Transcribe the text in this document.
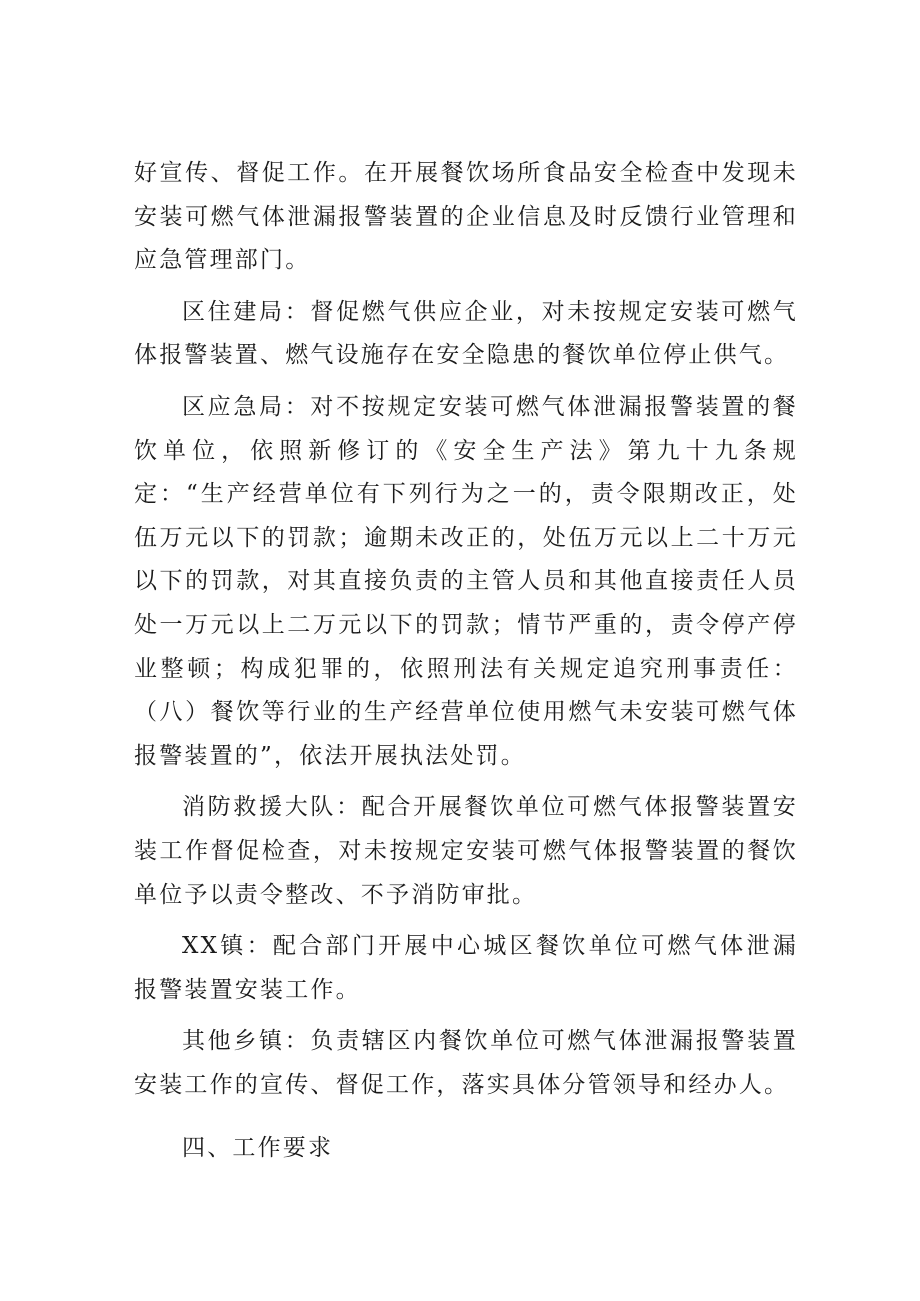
好宣传、督促工作。在开展餐饮场所食品安全检查中发现未安装可燃气体泄漏报警装置的企业信息及时反馈行业管理和应急管理部门。

区住建局：督促燃气供应企业，对未按规定安装可燃气体报警装置、燃气设施存在安全隐患的餐饮单位停止供气。

区应急局：对不按规定安装可燃气体泄漏报警装置的餐饮单位，依照新修订的《安全生产法》第九十九条规定：“生产经营单位有下列行为之一的，责令限期改正，处伍万元以下的罚款；逾期未改正的，处伍万元以上二十万元以下的罚款，对其直接负责的主管人员和其他直接责任人员处一万元以上二万元以下的罚款；情节严重的，责令停产停业整顿；构成犯罪的，依照刑法有关规定追究刑事责任：（八）餐饮等行业的生产经营单位使用燃气未安装可燃气体报警装置的”，依法开展执法处罚。

消防救援大队：配合开展餐饮单位可燃气体报警装置安装工作督促检查，对未按规定安装可燃气体报警装置的餐饮单位予以责令整改、不予消防审批。

XX镇：配合部门开展中心城区餐饮单位可燃气体泄漏报警装置安装工作。

其他乡镇：负责辖区内餐饮单位可燃气体泄漏报警装置安装工作的宣传、督促工作，落实具体分管领导和经办人。

四、工作要求
